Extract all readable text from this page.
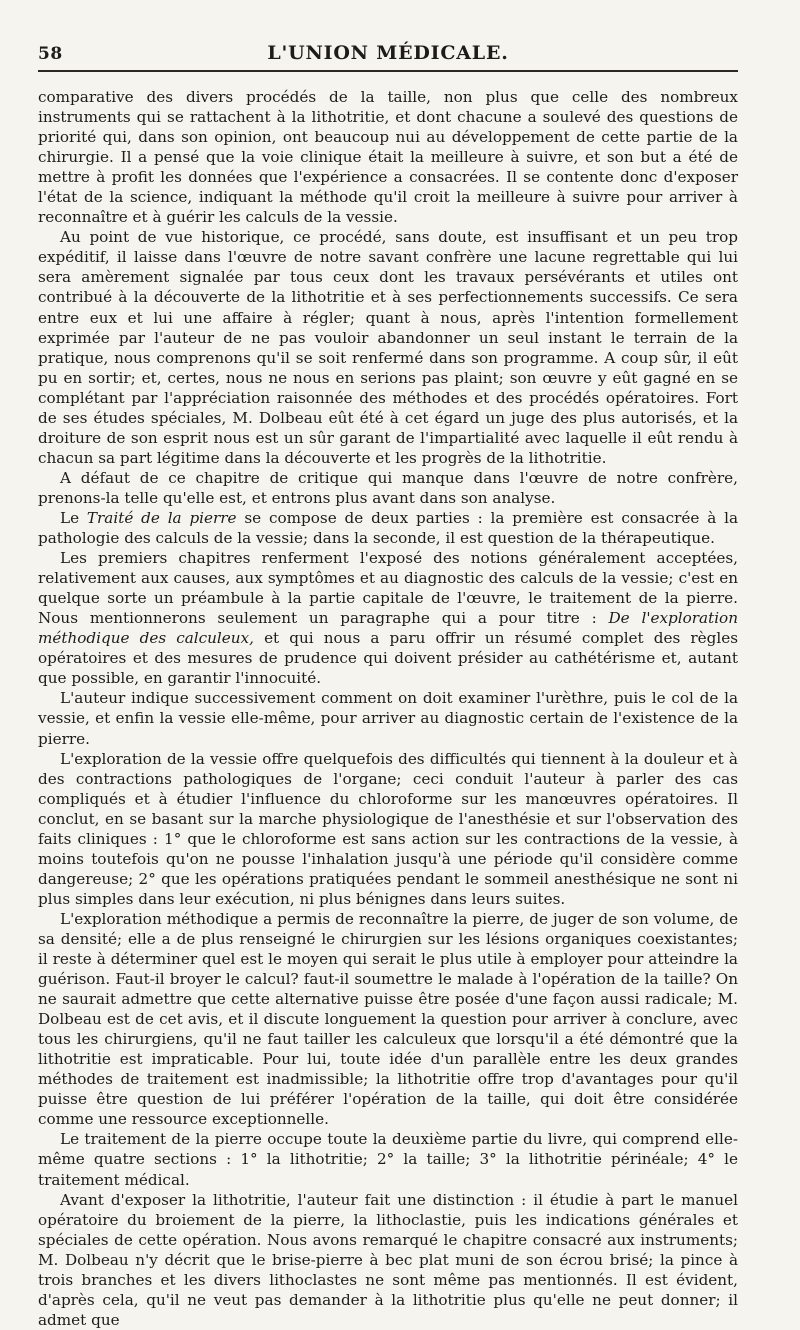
58	L'UNION MÉDICALE.

comparative des divers procédés de la taille, non plus que celle des nombreux instruments qui se rattachent à la lithotritie, et dont chacune a soulevé des questions de priorité qui, dans son opinion, ont beaucoup nui au développement de cette partie de la chirurgie. Il a pensé que la voie clinique était la meilleure à suivre, et son but a été de mettre à profit les données que l'expérience a consacrées. Il se contente donc d'exposer l'état de la science, indiquant la méthode qu'il croit la meilleure à suivre pour arriver à reconnaître et à guérir les calculs de la vessie.

Au point de vue historique, ce procédé, sans doute, est insuffisant et un peu trop expéditif, il laisse dans l'œuvre de notre savant confrère une lacune regrettable qui lui sera amèrement signalée par tous ceux dont les travaux persévérants et utiles ont contribué à la découverte de la lithotritie et à ses perfectionnements successifs. Ce sera entre eux et lui une affaire à régler; quant à nous, après l'intention formellement exprimée par l'auteur de ne pas vouloir abandonner un seul instant le terrain de la pratique, nous comprenons qu'il se soit renfermé dans son programme. A coup sûr, il eût pu en sortir; et, certes, nous ne nous en serions pas plaint; son œuvre y eût gagné en se complétant par l'appréciation raisonnée des méthodes et des procédés opératoires. Fort de ses études spéciales, M. Dolbeau eût été à cet égard un juge des plus autorisés, et la droiture de son esprit nous est un sûr garant de l'impartialité avec laquelle il eût rendu à chacun sa part légitime dans la découverte et les progrès de la lithotritie.

A défaut de ce chapitre de critique qui manque dans l'œuvre de notre confrère, prenons-la telle qu'elle est, et entrons plus avant dans son analyse.

Le Traité de la pierre se compose de deux parties : la première est consacrée à la pathologie des calculs de la vessie; dans la seconde, il est question de la thérapeutique.

Les premiers chapitres renferment l'exposé des notions généralement acceptées, relativement aux causes, aux symptômes et au diagnostic des calculs de la vessie; c'est en quelque sorte un préambule à la partie capitale de l'œuvre, le traitement de la pierre. Nous mentionnerons seulement un paragraphe qui a pour titre : De l'exploration méthodique des calculeux, et qui nous a paru offrir un résumé complet des règles opératoires et des mesures de prudence qui doivent présider au cathétérisme et, autant que possible, en garantir l'innocuité.

L'auteur indique successivement comment on doit examiner l'urèthre, puis le col de la vessie, et enfin la vessie elle-même, pour arriver au diagnostic certain de l'existence de la pierre.

L'exploration de la vessie offre quelquefois des difficultés qui tiennent à la douleur et à des contractions pathologiques de l'organe; ceci conduit l'auteur à parler des cas compliqués et à étudier l'influence du chloroforme sur les manœuvres opératoires. Il conclut, en se basant sur la marche physiologique de l'anesthésie et sur l'observation des faits cliniques : 1° que le chloroforme est sans action sur les contractions de la vessie, à moins toutefois qu'on ne pousse l'inhalation jusqu'à une période qu'il considère comme dangereuse; 2° que les opérations pratiquées pendant le sommeil anesthésique ne sont ni plus simples dans leur exécution, ni plus bénignes dans leurs suites.

L'exploration méthodique a permis de reconnaître la pierre, de juger de son volume, de sa densité; elle a de plus renseigné le chirurgien sur les lésions organiques coexistantes; il reste à déterminer quel est le moyen qui serait le plus utile à employer pour atteindre la guérison. Faut-il broyer le calcul? faut-il soumettre le malade à l'opération de la taille? On ne saurait admettre que cette alternative puisse être posée d'une façon aussi radicale; M. Dolbeau est de cet avis, et il discute longuement la question pour arriver à conclure, avec tous les chirurgiens, qu'il ne faut tailler les calculeux que lorsqu'il a été démontré que la lithotritie est impraticable. Pour lui, toute idée d'un parallèle entre les deux grandes méthodes de traitement est inadmissible; la lithotritie offre trop d'avantages pour qu'il puisse être question de lui préférer l'opération de la taille, qui doit être considérée comme une ressource exceptionnelle.

Le traitement de la pierre occupe toute la deuxième partie du livre, qui comprend elle-même quatre sections : 1° la lithotritie; 2° la taille; 3° la lithotritie périnéale; 4° le traitement médical.

Avant d'exposer la lithotritie, l'auteur fait une distinction : il étudie à part le manuel opératoire du broiement de la pierre, la lithoclastie, puis les indications générales et spéciales de cette opération. Nous avons remarqué le chapitre consacré aux instruments; M. Dolbeau n'y décrit que le brise-pierre à bec plat muni de son écrou brisé; la pince à trois branches et les divers lithoclastes ne sont même pas mentionnés. Il est évident, d'après cela, qu'il ne veut pas demander à la lithotritie plus qu'elle ne peut donner; il admet que
